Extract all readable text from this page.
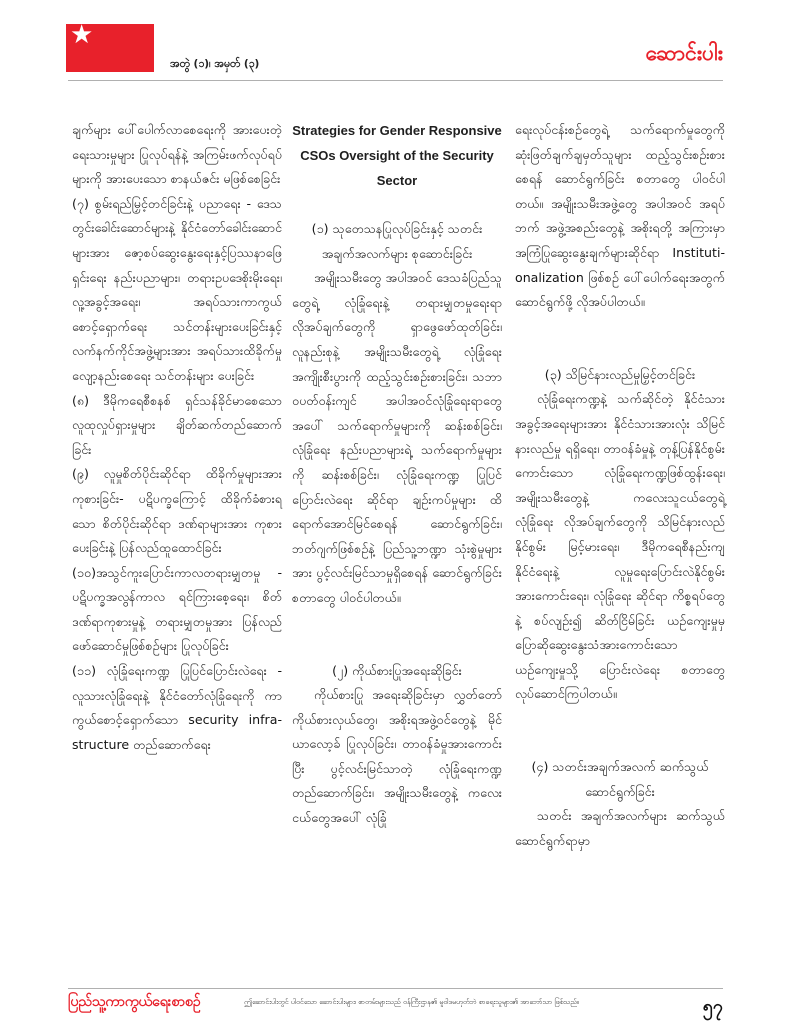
★
အတွဲ (၁)၊ အမှတ် (၃)	ဆောင်းပါး

ချက်များ ပေါ်ပေါက်လာစေရေးကို အားပေးတဲ့ ရေးသားမှုများ ပြုလုပ်ရန်နဲ့ အကြမ်းဖက်လုပ်ရပ်များကို အားပေးသော စာနယ်ဇင်း မဖြစ်စေခြင်း

(၇) စွမ်းရည်မြှင့်တင်ခြင်းနဲ့ ပညာရေး - ဒေသတွင်းခေါင်းဆောင်များနဲ့ နိုင်ငံတော်ခေါင်းဆောင်များအား ဇော့စပ်ဆွေးနွေးရေးနှင့်ပြဿနာဖြေရှင်းရေး နည်းပညာများ၊ တရားဥပဒေစိုးမိုးရေး၊ လူ့အခွင့်အရေး၊ အရပ်သားကာကွယ် စောင့်ရှောက်ရေး သင်တန်းများပေးခြင်းနှင့် လက်နက်ကိုင်အဖွဲ့များအား အရပ်သားထိခိုက်မှု လျော့နည်းစေရေး သင်တန်းများ ပေးခြင်း

(၈) ဒီမိုကရေစီစနစ် ရှင်သန်ခိုင်မာစေသော လူထုလှုပ်ရှားမှုများ ချိတ်ဆက်တည်ဆောက်ခြင်း

(၉) လူမှုစိတ်ပိုင်းဆိုင်ရာ ထိခိုက်မှုများအား ကုစားခြင်း- ပဋိပက္ခကြောင့် ထိခိုက်ခံစားရသော စိတ်ပိုင်းဆိုင်ရာ ဒဏ်ရာများအား ကုစားပေးခြင်းနဲ့ ပြန်လည်ထူထောင်ခြင်း

(၁၀)အသွင်ကူးပြောင်းကာလတရားမျှတမှု - ပဋိပက္ခအလွန်ကာလ ရင်ကြားစေ့ရေး၊ စိတ်ဒဏ်ရာကုစားမှုနဲ့ တရားမျှတမှုအား ပြန်လည် ဖော်ဆောင်မှုဖြစ်စဉ်များ ပြုလုပ်ခြင်း

(၁၁) လုံခြုံရေးကဏ္ဍ ပြုပြင်ပြောင်းလဲရေး - လူသားလုံခြုံရေးနဲ့ နိုင်ငံတော်လုံခြုံရေးကို ကာကွယ်စောင့်ရှောက်သော security infra-structure တည်ဆောက်ရေး

Strategies for Gender Responsive CSOs Oversight of the Security Sector

(၁) သုတေသနပြုလုပ်ခြင်းနှင့် သတင်းအချက်အလက်များ စုဆောင်းခြင်း

အမျိုးသမီးတွေ အပါအဝင် ဒေသခံပြည်သူတွေရဲ့ လုံခြုံရေးနဲ့ တရားမျှတမှုရေးရာ လိုအပ်ချက်တွေကို ရှာဖွေဖော်ထုတ်ခြင်း၊ လူနည်းစုနဲ့ အမျိုးသမီးတွေရဲ့ လုံခြုံရေး အကျိုးစီးပွားကို ထည့်သွင်းစဉ်းစားခြင်း၊ သဘာဝပတ်ဝန်းကျင် အပါအဝင်လုံခြုံရေးရာတွေအပေါ် သက်ရောက်မှုများကို ဆန်းစစ်ခြင်း၊ လုံခြုံရေး နည်းပညာများရဲ့ သက်ရောက်မှုများကို ဆန်းစစ်ခြင်း၊ လုံခြုံရေးကဏ္ဍ ပြုပြင်ပြောင်းလဲရေး ဆိုင်ရာ ချဉ်းကပ်မှုများ ထိရောက်အောင်မြင်စေရန် ဆောင်ရွက်ခြင်း၊ ဘတ်ဂျက်ဖြစ်စဉ်နဲ့ ပြည်သူ့ဘဏ္ဍာ သုံးစွဲမှုများအား ပွင့်လင်းမြင်သာမှုရှိစေရန် ဆောင်ရွက်ခြင်း စတာတွေ ပါဝင်ပါတယ်။

(၂) ကိုယ်စားပြုအရေးဆိုခြင်း

ကိုယ်စားပြု အရေးဆိုခြင်းမှာ လွှတ်တော်ကိုယ်စားလှယ်တွေ၊ အစိုးရအဖွဲ့ဝင်တွေနဲ့ မိုင်ယာလော့ခ် ပြုလုပ်ခြင်း၊ တာဝန်ခံမှုအားကောင်းပြီး ပွင့်လင်းမြင်သာတဲ့ လုံခြုံရေးကဏ္ဍတည်ဆောက်ခြင်း၊ အမျိုးသမီးတွေနဲ့ ကလေးငယ်တွေအပေါ် လုံခြုံ

ရေးလုပ်ငန်းစဉ်တွေရဲ့ သက်ရောက်မှုတွေကို ဆုံးဖြတ်ချက်ချမှတ်သူများ ထည့်သွင်းစဉ်းစားစေရန် ဆောင်ရွက်ခြင်း စတာတွေ ပါဝင်ပါတယ်။ အမျိုးသမီးအဖွဲ့တွေ အပါအဝင် အရပ်ဘက် အဖွဲ့အစည်းတွေနဲ့ အစိုးရတို့ အကြားမှာ အကြံပြုဆွေးနွေးချက်များဆိုင်ရာ Instituti-onalization ဖြစ်စဉ် ပေါ်ပေါက်ရေးအတွက် ဆောင်ရွက်ဖို့ လိုအပ်ပါတယ်။

(၃) သိမြင်နားလည်မှုမြှင့်တင်ခြင်း

လုံခြုံရေးကဏ္ဍနဲ့ သက်ဆိုင်တဲ့ နိုင်ငံသားအခွင့်အရေးများအား နိုင်ငံသားအားလုံး သိမြင်နားလည်မှု ရရှိရေး၊ တာဝန်ခံမှုနဲ့ တုန့်ပြန်နိုင်စွမ်း ကောင်းသော လုံခြုံရေးကဏ္ဍဖြစ်ထွန်းရေး၊ အမျိုးသမီးတွေနဲ့ ကလေးသူငယ်တွေရဲ့ လုံခြုံရေး လိုအပ်ချက်တွေကို သိမြင်နားလည်နိုင်စွမ်း မြင့်မားရေး၊ ဒီမိုကရေစီနည်းကျ နိုင်ငံရေးနဲ့ လူမှုရေးပြောင်းလဲနိုင်စွမ်း အားကောင်းရေး၊ လုံခြုံရေး ဆိုင်ရာ ကိစ္စရပ်တွေနဲ့ စပ်လျဉ်း၍ ဆိတ်ငြိမ်ခြင်း ယဉ်ကျေးမှုမှ ပြောဆိုဆွေးနွေးသံအားကောင်းသော ယဉ်ကျေးမှုသို့ ပြောင်းလဲရေး စတာတွေ လုပ်ဆောင်ကြပါတယ်။

(၄) သတင်းအချက်အလက် ဆက်သွယ်ဆောင်ရွက်ခြင်း

သတင်း အချက်အလက်များ ဆက်သွယ်ဆောင်ရွက်ရာမှာ

ပြည်သူ့ကာကွယ်ရေးစာစဉ်	ဤဆောင်းပါးတွင် ပါဝင်သော ဆောင်းပါးများ၊ စာတမ်းများသည် ဝန်ကြီးဌာန၏ မူဝါဒမဟုတ်ဘဲ စာရေးသူများ၏ အာဘော်သာ ဖြစ်သည်။	၅၇
